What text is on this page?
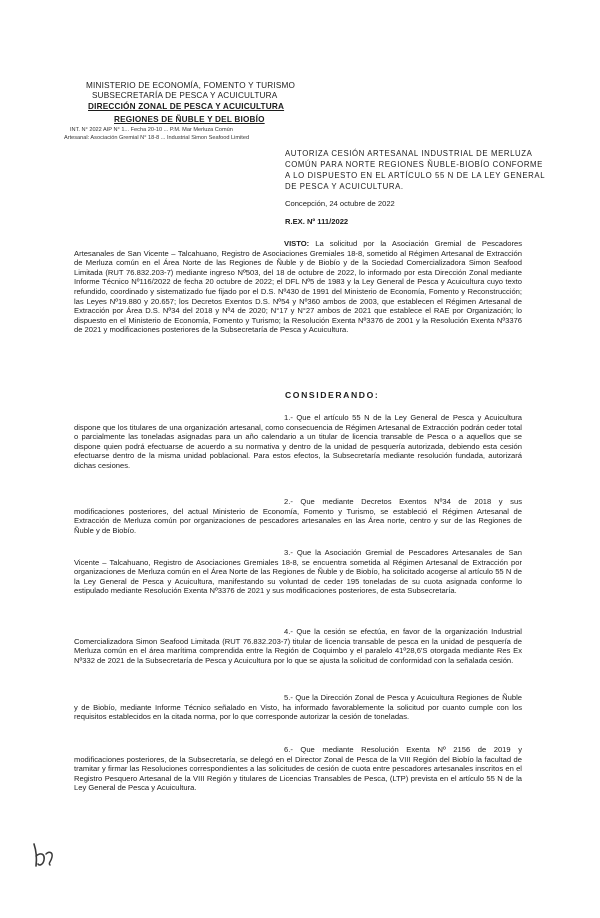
MINISTERIO DE ECONOMÍA, FOMENTO Y TURISMO
SUBSECRETARÍA DE PESCA Y ACUICULTURA
DIRECCIÓN ZONAL DE PESCA Y ACUICULTURA
REGIONES DE ÑUBLE Y DEL BIOBÍO
INT. N° 2022 AIP N° 1... Fecha 20-10 ... P.M. Mar Merluza Común
Artesanal: Asociación Gremial N° 18-8 ... Industrial Simon Seafood Limited
AUTORIZA CESIÓN ARTESANAL INDUSTRIAL DE MERLUZA
COMÚN PARA NORTE REGIONES ÑUBLE-BIOBÍO CONFORME
A LO DISPUESTO EN EL ARTÍCULO 55 N DE LA LEY GENERAL
DE PESCA Y ACUICULTURA.
Concepción, 24 octubre de 2022
R.EX. Nº 111/2022
VISTO: La solicitud por la Asociación Gremial de Pescadores Artesanales de San Vicente – Talcahuano, Registro de Asociaciones Gremiales 18-8, sometido al Régimen Artesanal de Extracción de Merluza común en el Área Norte de las Regiones de Ñuble y de Biobío y de la Sociedad Comercializadora Simon Seafood Limitada (RUT 76.832.203-7) mediante ingreso Nº503, del 18 de octubre de 2022, lo informado por esta Dirección Zonal mediante Informe Técnico Nº116/2022 de fecha 20 octubre de 2022; el DFL Nº5 de 1983 y la Ley General de Pesca y Acuicultura cuyo texto refundido, coordinado y sistematizado fue fijado por el D.S. Nº430 de 1991 del Ministerio de Economía, Fomento y Reconstrucción; las Leyes Nº19.880 y 20.657; los Decretos Exentos D.S. Nº54 y Nº360 ambos de 2003, que establecen el Régimen Artesanal de Extracción por Área D.S. Nº34 del 2018 y Nº4 de 2020; N°17 y N°27 ambos de 2021 que establece el RAE por Organización; lo dispuesto en el Ministerio de Economía, Fomento y Turismo; la Resolución Exenta Nº3376 de 2001 y la Resolución Exenta Nº3376 de 2021 y modificaciones posteriores de la Subsecretaría de Pesca y Acuicultura.
CONSIDERANDO:
1.- Que el artículo 55 N de la Ley General de Pesca y Acuicultura dispone que los titulares de una organización artesanal, como consecuencia de Régimen Artesanal de Extracción podrán ceder total o parcialmente las toneladas asignadas para un año calendario a un titular de licencia transable de Pesca o a aquellos que se dispone quien podrá efectuarse de acuerdo a su normativa y dentro de la unidad de pesquería autorizada, debiendo esta cesión efectuarse dentro de la misma unidad poblacional. Para estos efectos, la Subsecretaría mediante resolución fundada, autorizará dichas cesiones.
2.- Que mediante Decretos Exentos Nº34 de 2018 y sus modificaciones posteriores, del actual Ministerio de Economía, Fomento y Turismo, se estableció el Régimen Artesanal de Extracción de Merluza común por organizaciones de pescadores artesanales en las Área norte, centro y sur de las Regiones de Ñuble y de Biobío.
3.- Que la Asociación Gremial de Pescadores Artesanales de San Vicente – Talcahuano, Registro de Asociaciones Gremiales 18-8, se encuentra sometida al Régimen Artesanal de Extracción por organizaciones de Merluza común en el Área Norte de las Regiones de Ñuble y de Biobío, ha solicitado acogerse al artículo 55 N de la Ley General de Pesca y Acuicultura, manifestando su voluntad de ceder 195 toneladas de su cuota asignada conforme lo estipulado mediante Resolución Exenta Nº3376 de 2021 y sus modificaciones posteriores, de esta Subsecretaría.
4.- Que la cesión se efectúa, en favor de la organización Industrial Comercializadora Simon Seafood Limitada (RUT 76.832.203-7) titular de licencia transable de pesca en la unidad de pesquería de Merluza común en el área marítima comprendida entre la Región de Coquimbo y el paralelo 41º28,6'S otorgada mediante Res Ex Nº332 de 2021 de la Subsecretaría de Pesca y Acuicultura por lo que se ajusta la solicitud de conformidad con la señalada cesión.
5.- Que la Dirección Zonal de Pesca y Acuicultura Regiones de Ñuble y de Biobío, mediante Informe Técnico señalado en Visto, ha informado favorablemente la solicitud por cuanto cumple con los requisitos establecidos en la citada norma, por lo que corresponde autorizar la cesión de toneladas.
6.- Que mediante Resolución Exenta Nº 2156 de 2019 y modificaciones posteriores, de la Subsecretaría, se delegó en el Director Zonal de Pesca de la VIII Región del Biobío la facultad de tramitar y firmar las Resoluciones correspondientes a las solicitudes de cesión de cuota entre pescadores artesanales inscritos en el Registro Pesquero Artesanal de la VIII Región y titulares de Licencias Transables de Pesca, (LTP) prevista en el artículo 55 N de la Ley General de Pesca y Acuicultura.
